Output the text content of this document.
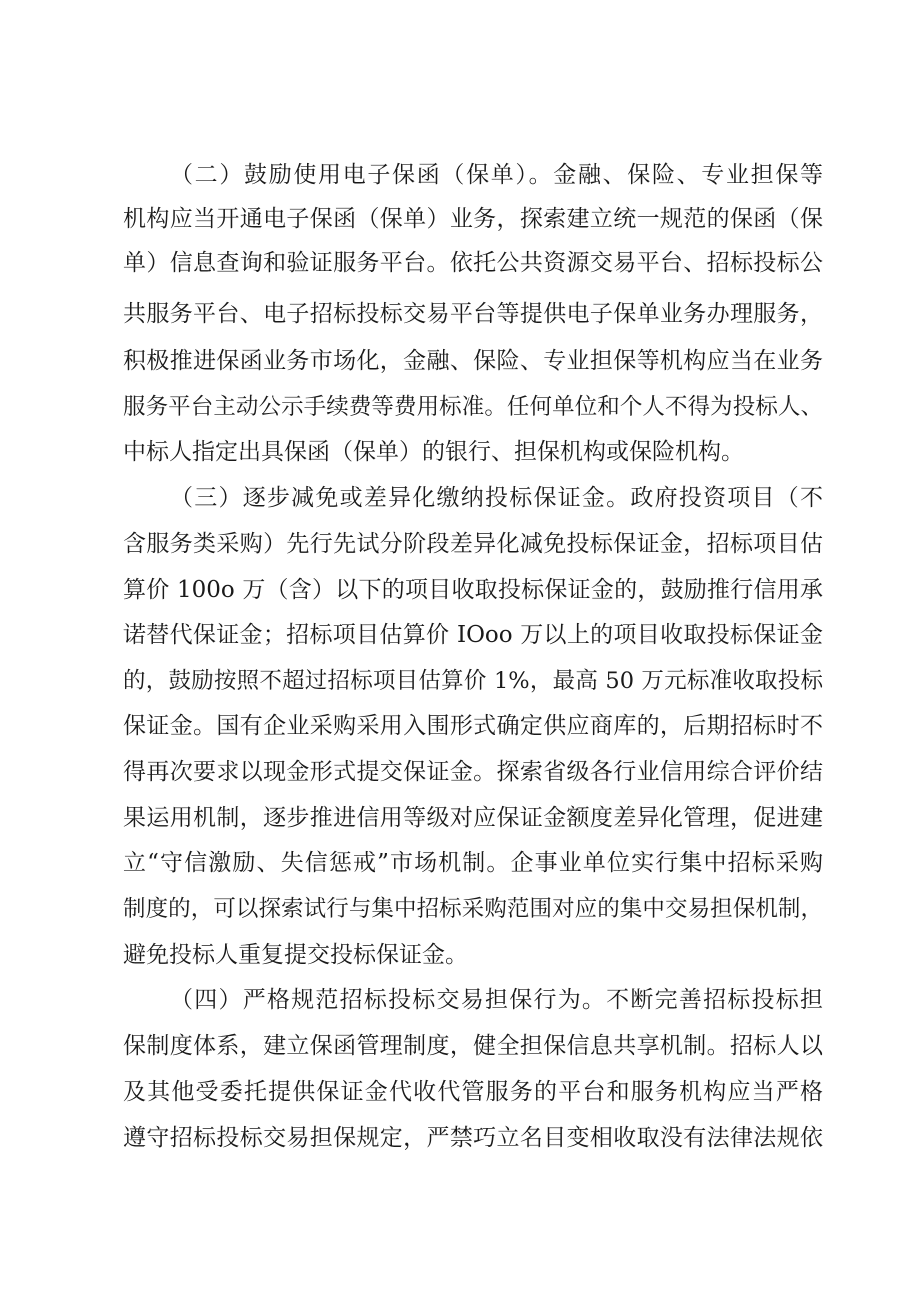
（二）鼓励使用电子保函（保单）。金融、保险、专业担保等
机构应当开通电子保函（保单）业务，探索建立统一规范的保函（保
单）信息查询和验证服务平台。依托公共资源交易平台、招标投标公
共服务平台、电子招标投标交易平台等提供电子保单业务办理服务，
积极推进保函业务市场化，金融、保险、专业担保等机构应当在业务
服务平台主动公示手续费等费用标准。任何单位和个人不得为投标人、
中标人指定出具保函（保单）的银行、担保机构或保险机构。
（三）逐步减免或差异化缴纳投标保证金。政府投资项目（不
含服务类采购）先行先试分阶段差异化减免投标保证金，招标项目估
算价 100o 万（含）以下的项目收取投标保证金的，鼓励推行信用承
诺替代保证金；招标项目估算价 IOoo 万以上的项目收取投标保证金
的，鼓励按照不超过招标项目估算价 1%，最高 50 万元标准收取投标
保证金。国有企业采购采用入围形式确定供应商库的，后期招标时不
得再次要求以现金形式提交保证金。探索省级各行业信用综合评价结
果运用机制，逐步推进信用等级对应保证金额度差异化管理，促进建
立“守信激励、失信惩戒”市场机制。企事业单位实行集中招标采购
制度的，可以探索试行与集中招标采购范围对应的集中交易担保机制，
避免投标人重复提交投标保证金。
（四）严格规范招标投标交易担保行为。不断完善招标投标担
保制度体系，建立保函管理制度，健全担保信息共享机制。招标人以
及其他受委托提供保证金代收代管服务的平台和服务机构应当严格
遵守招标投标交易担保规定，严禁巧立名目变相收取没有法律法规依
